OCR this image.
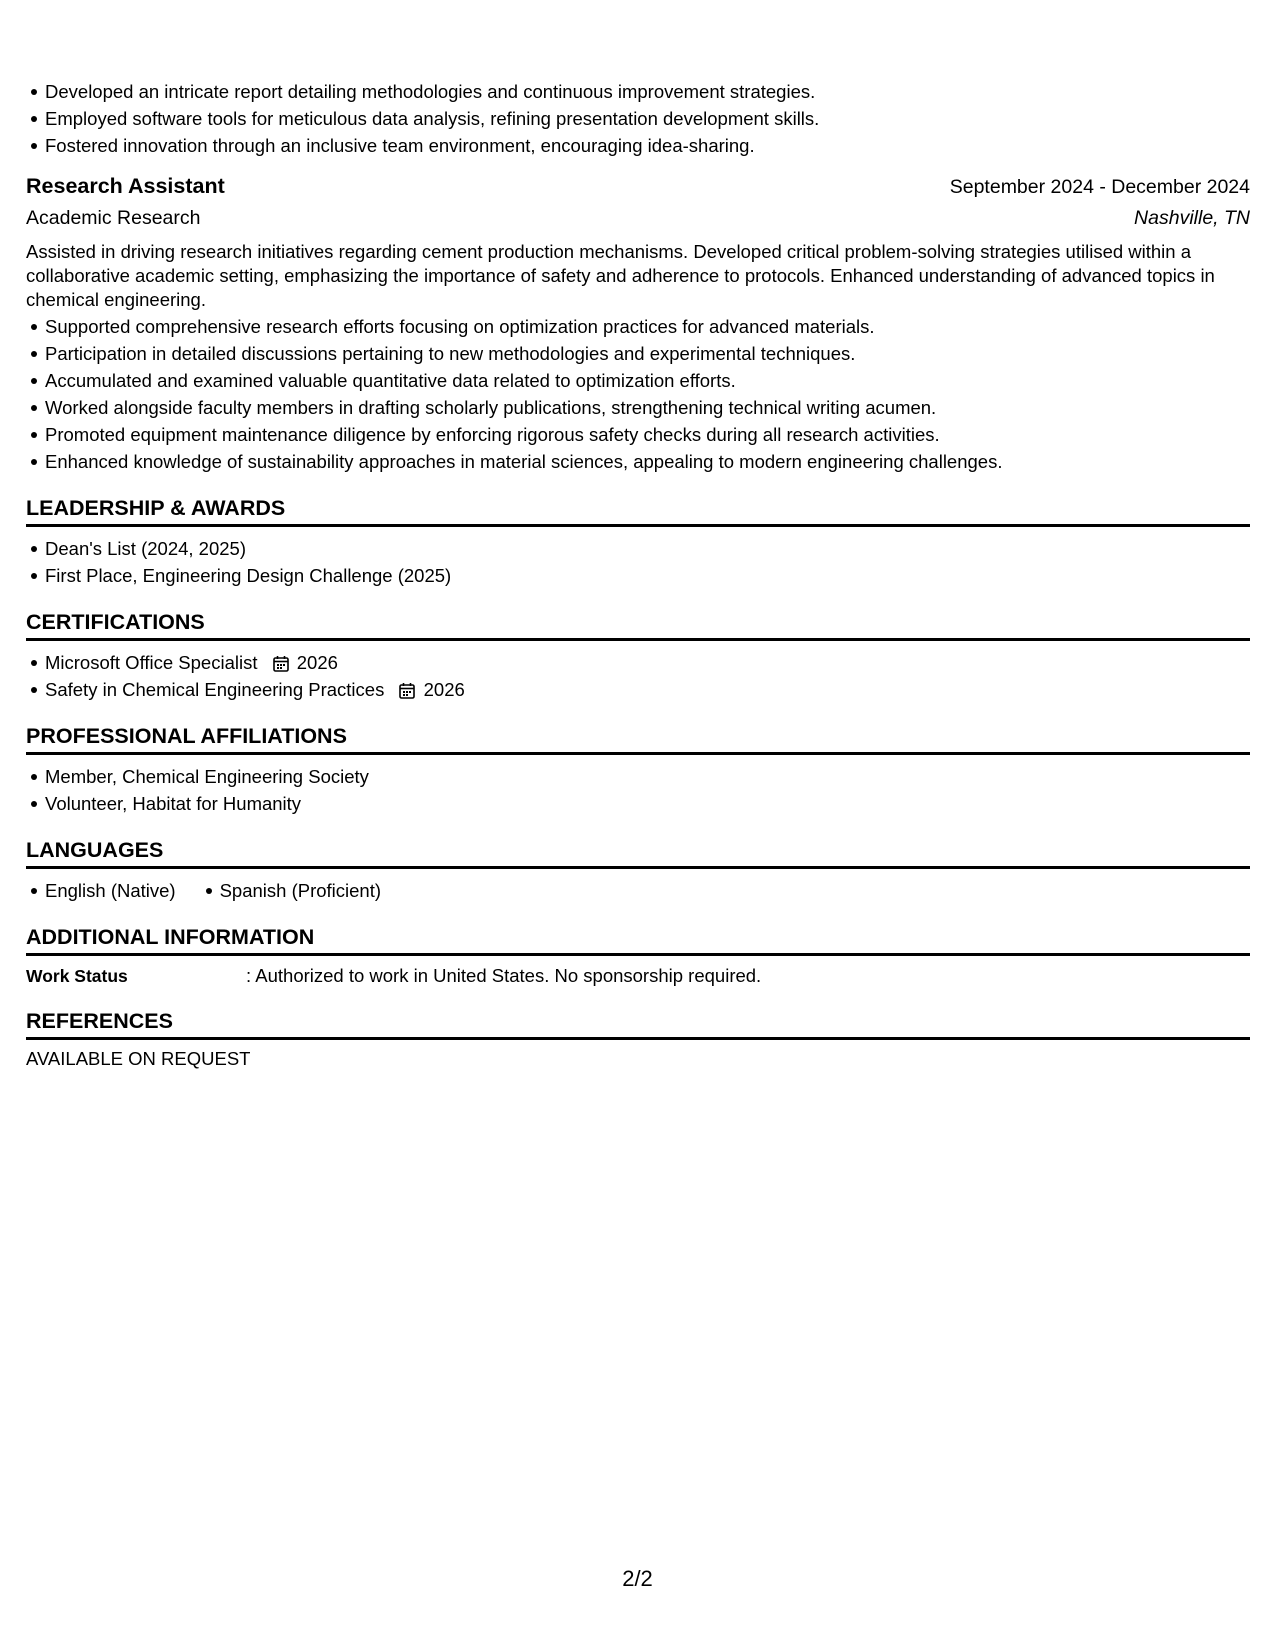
Developed an intricate report detailing methodologies and continuous improvement strategies.
Employed software tools for meticulous data analysis, refining presentation development skills.
Fostered innovation through an inclusive team environment, encouraging idea-sharing.
Research Assistant	September 2024 - December 2024
Academic Research	Nashville, TN
Assisted in driving research initiatives regarding cement production mechanisms. Developed critical problem-solving strategies utilised within a collaborative academic setting, emphasizing the importance of safety and adherence to protocols. Enhanced understanding of advanced topics in chemical engineering.
Supported comprehensive research efforts focusing on optimization practices for advanced materials.
Participation in detailed discussions pertaining to new methodologies and experimental techniques.
Accumulated and examined valuable quantitative data related to optimization efforts.
Worked alongside faculty members in drafting scholarly publications, strengthening technical writing acumen.
Promoted equipment maintenance diligence by enforcing rigorous safety checks during all research activities.
Enhanced knowledge of sustainability approaches in material sciences, appealing to modern engineering challenges.
LEADERSHIP & AWARDS
Dean's List (2024, 2025)
First Place, Engineering Design Challenge (2025)
CERTIFICATIONS
Microsoft Office Specialist 2026
Safety in Chemical Engineering Practices 2026
PROFESSIONAL AFFILIATIONS
Member, Chemical Engineering Society
Volunteer, Habitat for Humanity
LANGUAGES
English (Native) Spanish (Proficient)
ADDITIONAL INFORMATION
Work Status	: Authorized to work in United States. No sponsorship required.
REFERENCES
AVAILABLE ON REQUEST
2/2
